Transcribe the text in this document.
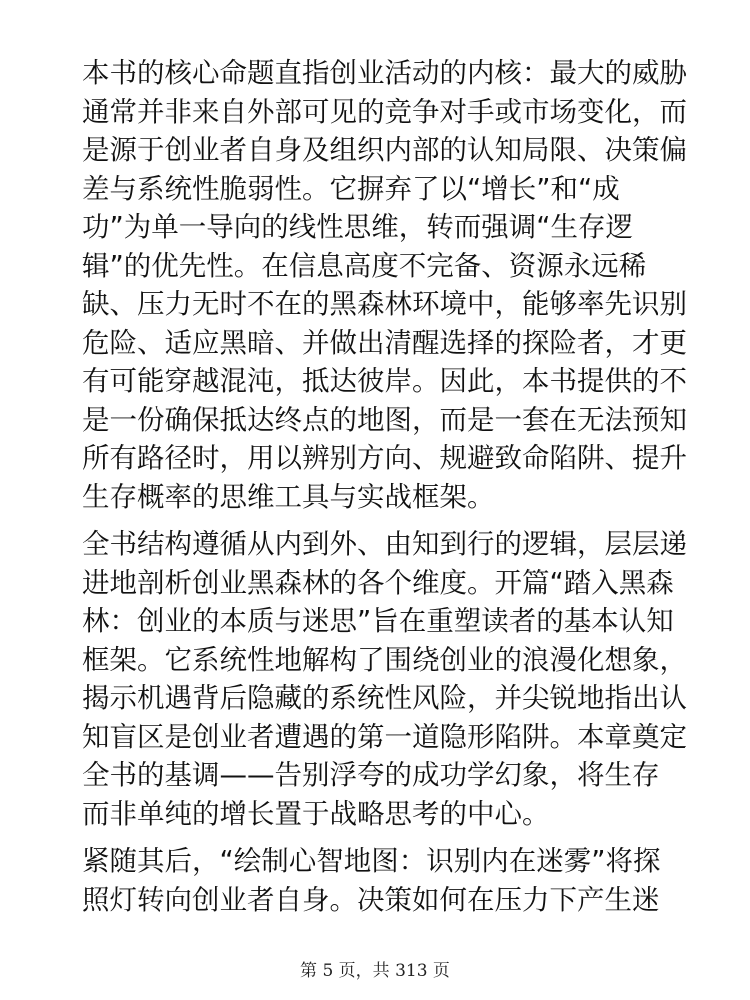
本书的核心命题直指创业活动的内核：最大的威胁
通常并非来自外部可见的竞争对手或市场变化，而
是源于创业者自身及组织内部的认知局限、决策偏
差与系统性脆弱性。它摒弃了以“增长”和“成
功”为单一导向的线性思维，转而强调“生存逻
辑”的优先性。在信息高度不完备、资源永远稀
缺、压力无时不在的黑森林环境中，能够率先识别
危险、适应黑暗、并做出清醒选择的探险者，才更
有可能穿越混沌，抵达彼岸。因此，本书提供的不
是一份确保抵达终点的地图，而是一套在无法预知
所有路径时，用以辨别方向、规避致命陷阱、提升
生存概率的思维工具与实战框架。

全书结构遵循从内到外、由知到行的逻辑，层层递
进地剖析创业黑森林的各个维度。开篇“踏入黑森
林：创业的本质与迷思”旨在重塑读者的基本认知
框架。它系统性地解构了围绕创业的浪漫化想象，
揭示机遇背后隐藏的系统性风险，并尖锐地指出认
知盲区是创业者遭遇的第一道隐形陷阱。本章奠定
全书的基调——告别浮夸的成功学幻象，将生存
而非单纯的增长置于战略思考的中心。

紧随其后，“绘制心智地图：识别内在迷雾”将探
照灯转向创业者自身。决策如何在压力下产生迷

第 5 页，共 313 页
